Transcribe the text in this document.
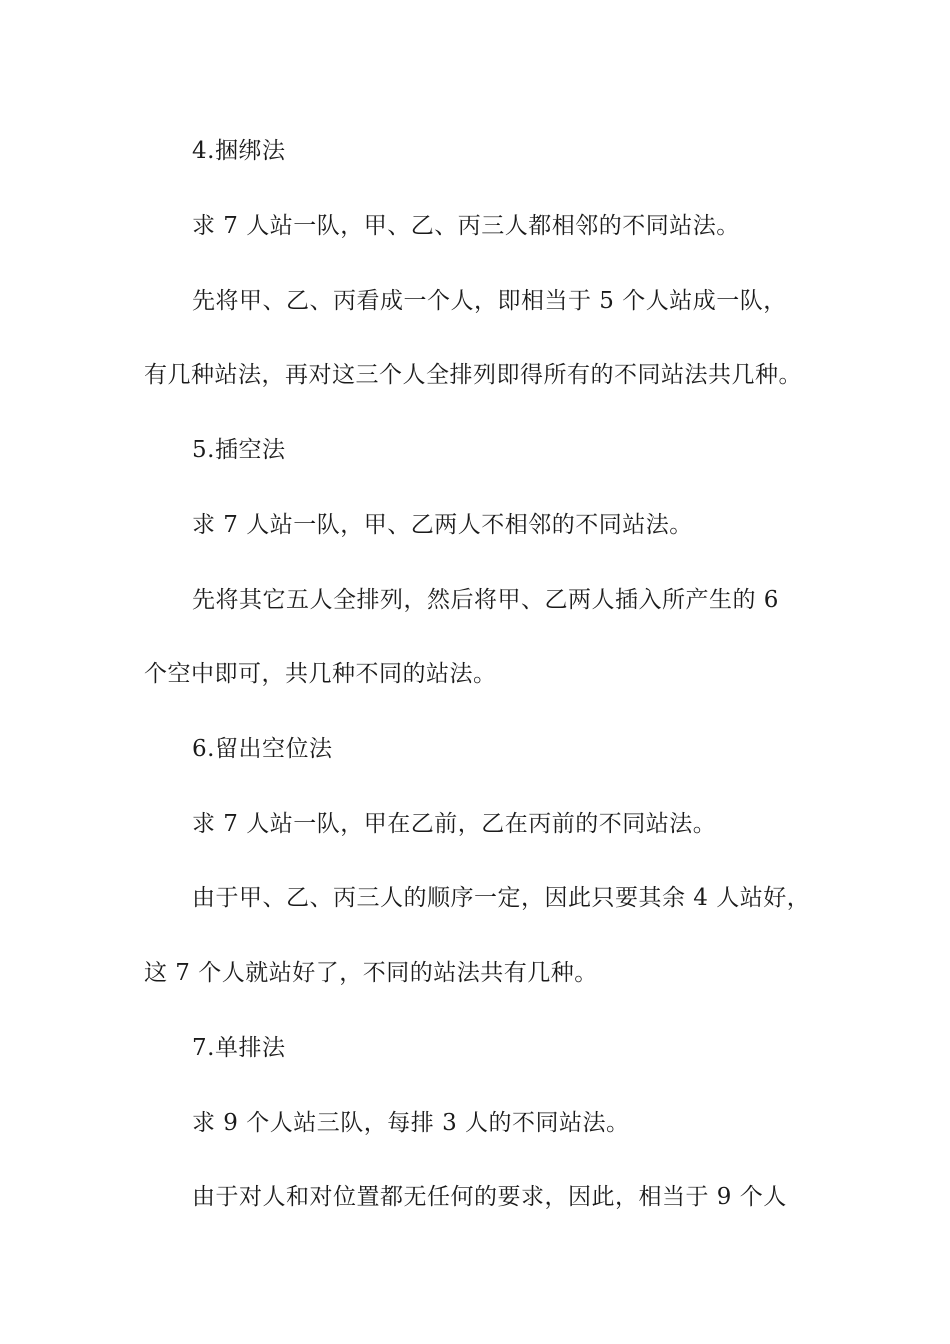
4.捆绑法
求 7 人站一队，甲、乙、丙三人都相邻的不同站法。
先将甲、乙、丙看成一个人，即相当于 5 个人站成一队，
有几种站法，再对这三个人全排列即得所有的不同站法共几种。
5.插空法
求 7 人站一队，甲、乙两人不相邻的不同站法。
先将其它五人全排列，然后将甲、乙两人插入所产生的 6
个空中即可，共几种不同的站法。
6.留出空位法
求 7 人站一队，甲在乙前，乙在丙前的不同站法。
由于甲、乙、丙三人的顺序一定，因此只要其余 4 人站好，
这 7 个人就站好了，不同的站法共有几种。
7.单排法
求 9 个人站三队，每排 3 人的不同站法。
由于对人和对位置都无任何的要求，因此，相当于 9 个人
